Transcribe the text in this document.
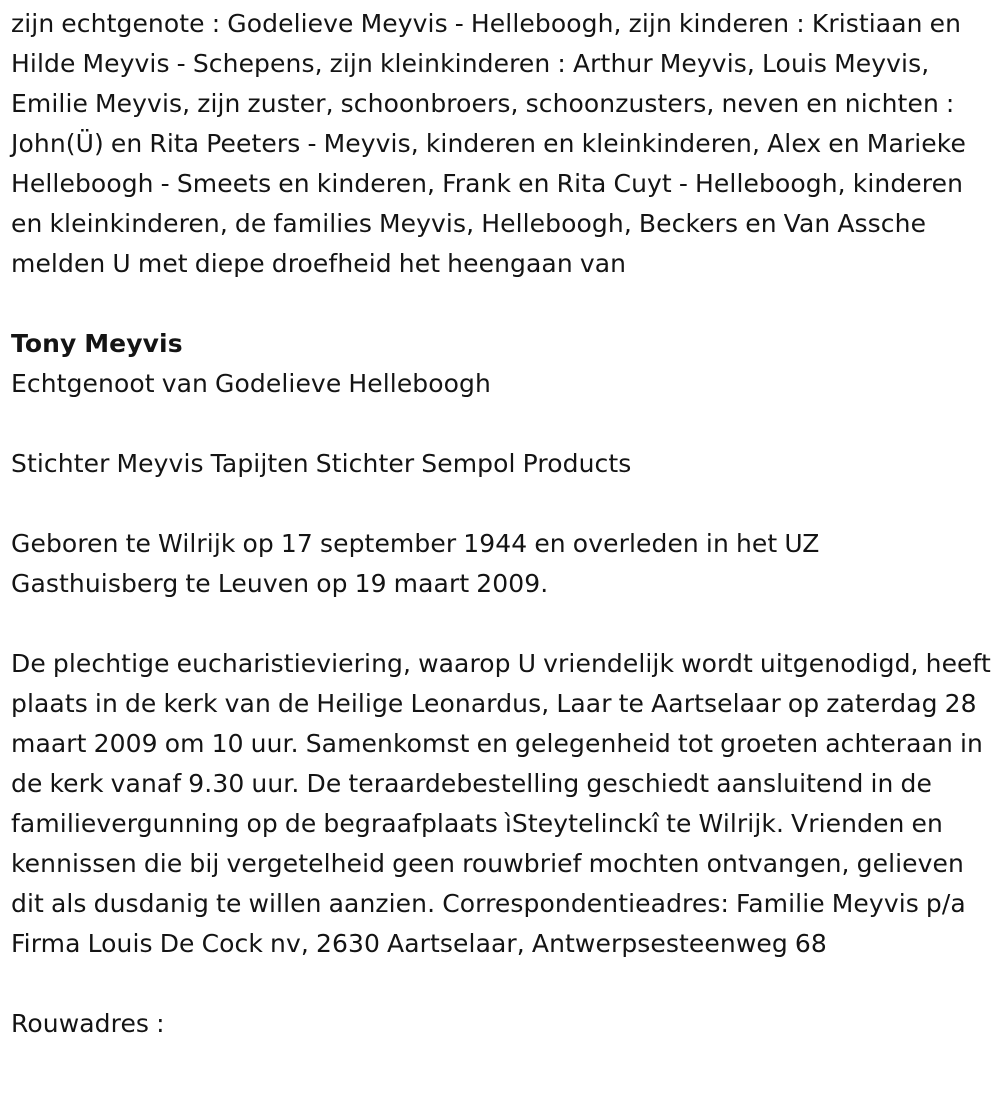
zijn echtgenote : Godelieve Meyvis - Helleboogh, zijn kinderen : Kristiaan en Hilde Meyvis - Schepens, zijn kleinkinderen : Arthur Meyvis, Louis Meyvis, Emilie Meyvis, zijn zuster, schoonbroers, schoonzusters, neven en nichten : John(Ü) en Rita Peeters - Meyvis, kinderen en kleinkinderen, Alex en Marieke Helleboogh - Smeets en kinderen, Frank en Rita Cuyt - Helleboogh, kinderen en kleinkinderen, de families Meyvis, Helleboogh, Beckers en Van Assche melden U met diepe droefheid het heengaan van

Tony Meyvis

Echtgenoot van Godelieve Helleboogh

Stichter Meyvis Tapijten Stichter Sempol Products

Geboren te Wilrijk op 17 september 1944 en overleden in het UZ Gasthuisberg te Leuven op 19 maart 2009.

De plechtige eucharistieviering, waarop U vriendelijk wordt uitgenodigd, heeft plaats in de kerk van de Heilige Leonardus, Laar te Aartselaar op zaterdag 28 maart 2009 om 10 uur. Samenkomst en gelegenheid tot groeten achteraan in de kerk vanaf 9.30 uur. De teraardebestelling geschiedt aansluitend in de familievergunning op de begraafplaats ìSteytelinckî te Wilrijk. Vrienden en kennissen die bij vergetelheid geen rouwbrief mochten ontvangen, gelieven dit als dusdanig te willen aanzien. Correspondentieadres: Familie Meyvis p/a Firma Louis De Cock nv, 2630 Aartselaar, Antwerpsesteenweg 68

Rouwadres :
